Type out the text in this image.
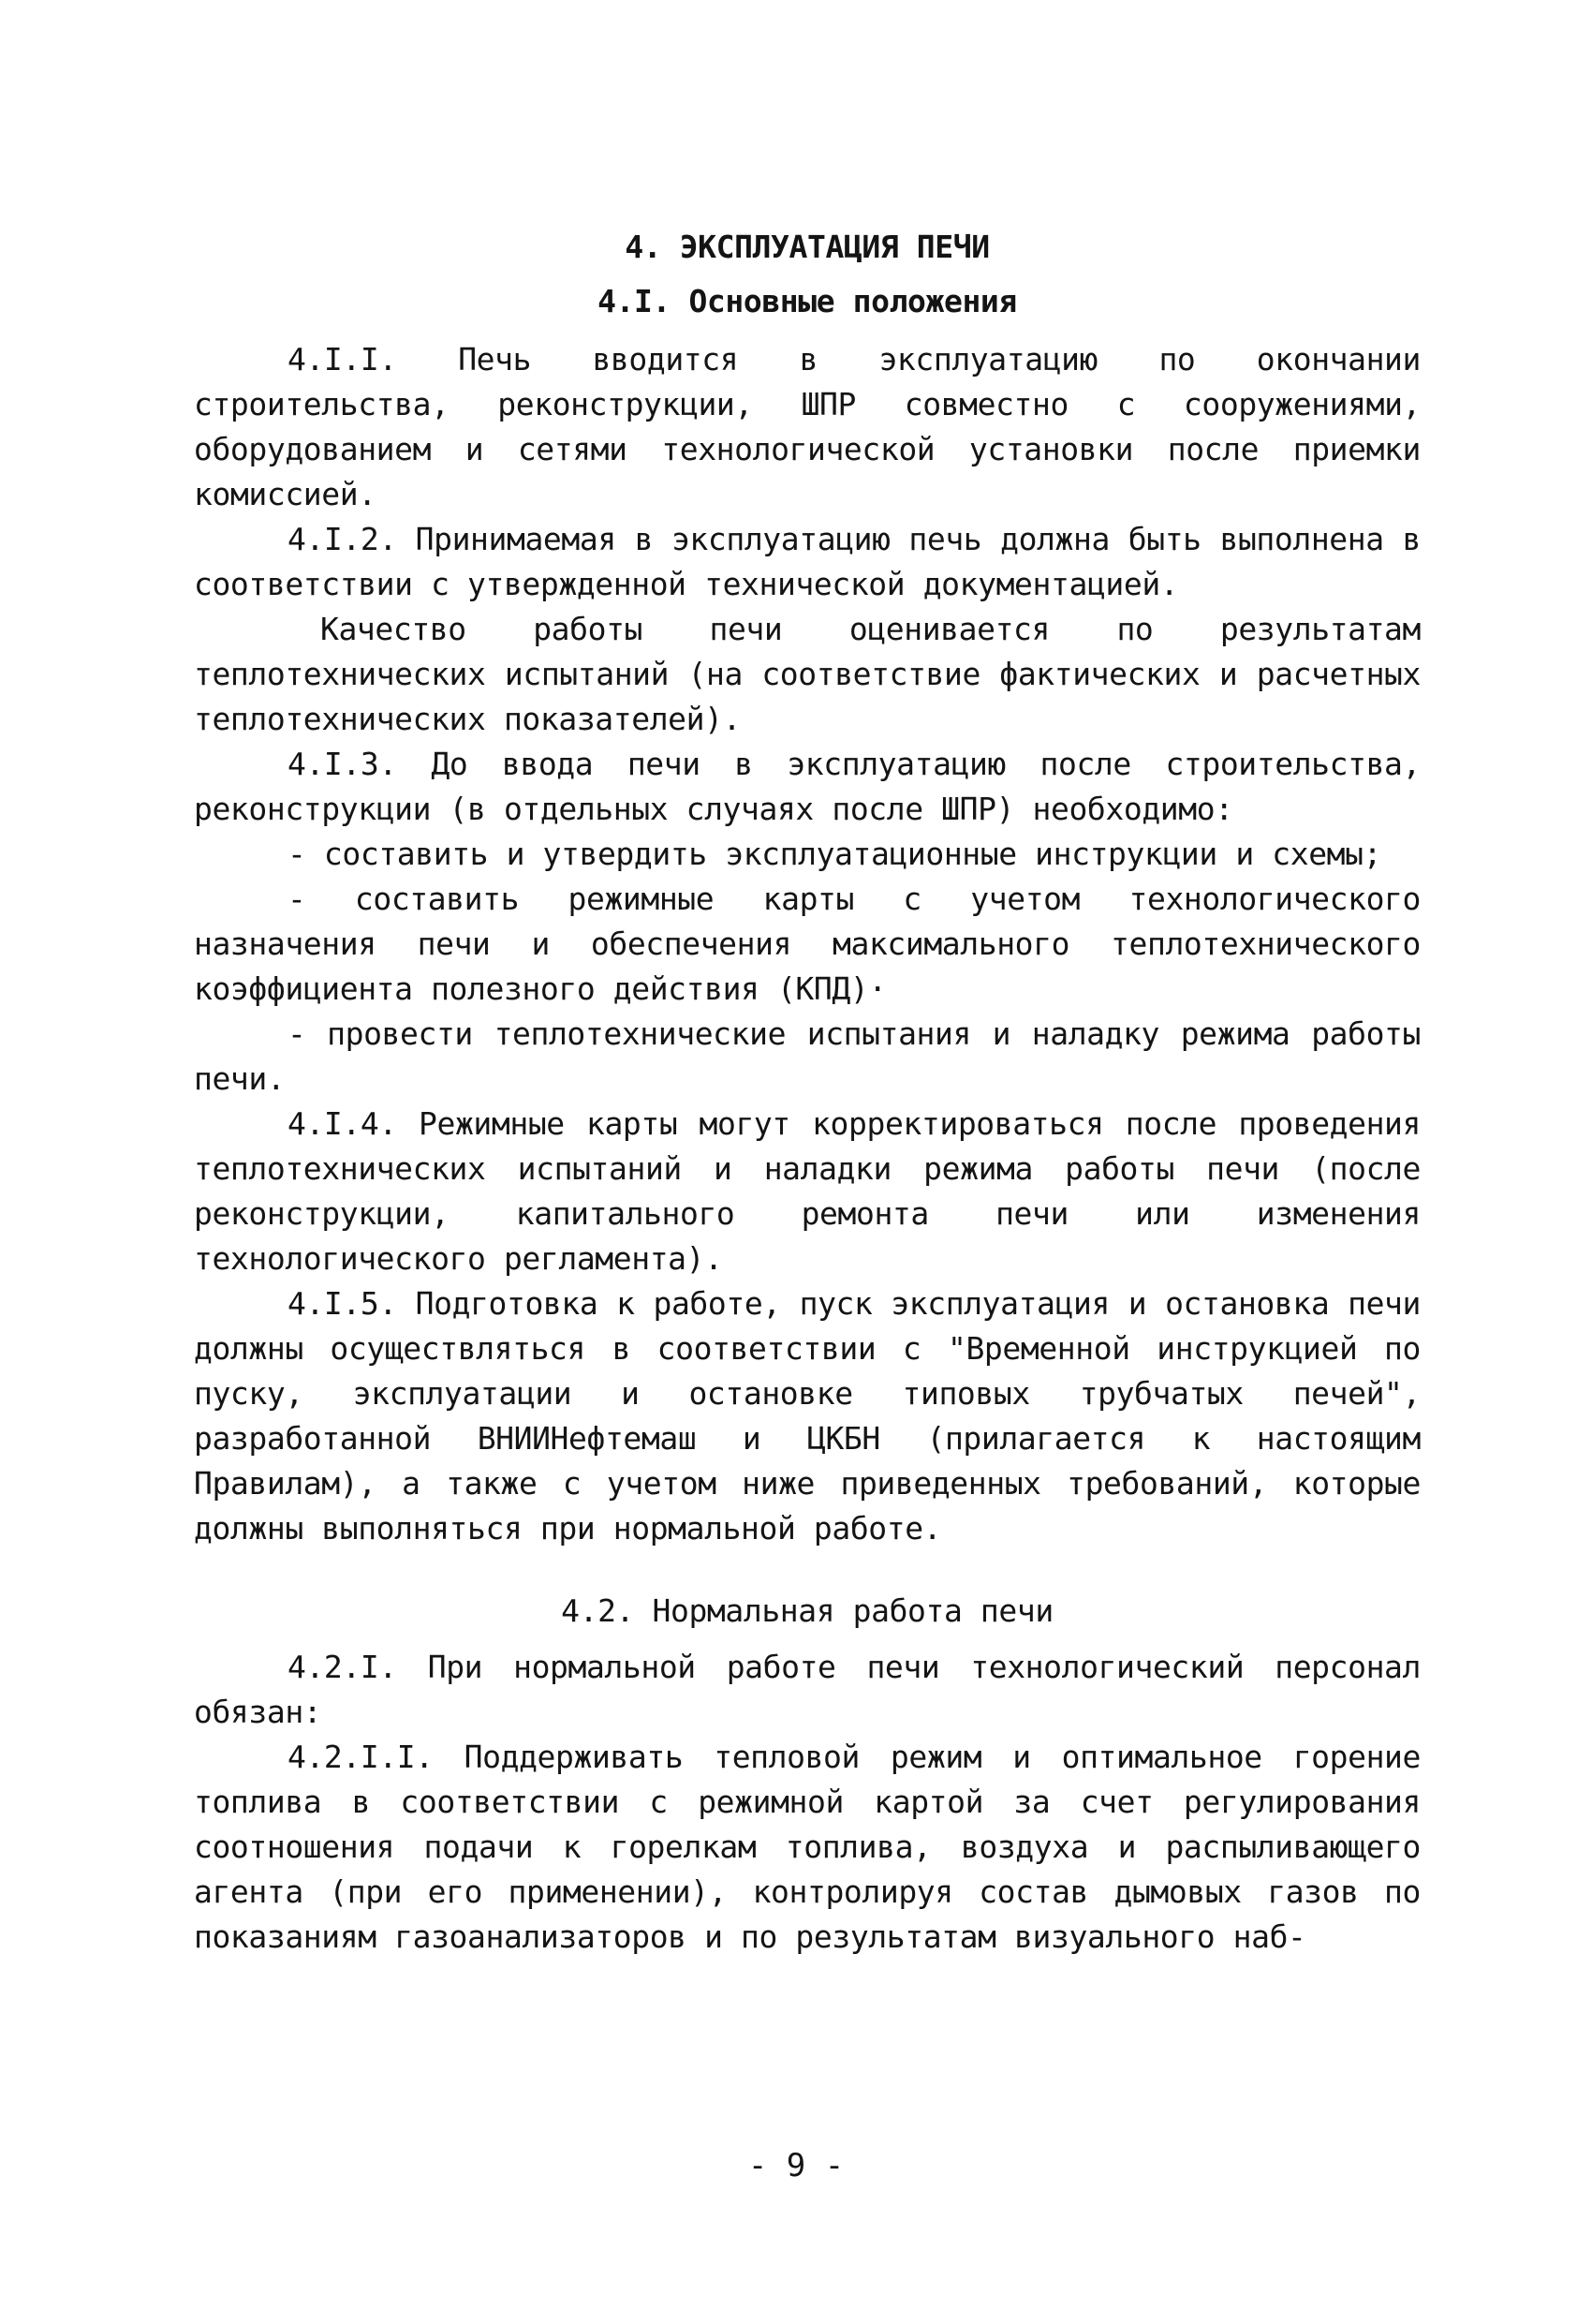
4. ЭКСПЛУАТАЦИЯ ПЕЧИ
4.I. Основные положения

4.I.I. Печь вводится в эксплуатацию по окончании строительства, реконструкции, ШПР совместно с сооружениями, оборудованием и сетями технологической установки после приемки комиссией.

4.I.2. Принимаемая в эксплуатацию печь должна быть выполнена в соответствии с утвержденной технической документацией.

Качество работы печи оценивается по результатам теплотехнических испытаний (на соответствие фактических и расчетных теплотехнических показателей).

4.I.3. До ввода печи в эксплуатацию после строительства, реконструкции (в отдельных случаях после ШПР) необходимо:

- составить и утвердить эксплуатационные инструкции и схемы;

- составить режимные карты с учетом технологического назначения печи и обеспечения максимального теплотехнического коэффициента полезного действия (КПД)·

- провести теплотехнические испытания и наладку режима работы печи.

4.I.4. Режимные карты могут корректироваться после проведения теплотехнических испытаний и наладки режима работы печи (после реконструкции, капитального ремонта печи или изменения технологического регламента).

4.I.5. Подготовка к работе, пуск эксплуатация и остановка печи должны осуществляться в соответствии с "Временной инструкцией по пуску, эксплуатации и остановке типовых трубчатых печей", разработанной ВНИИНефтемаш и ЦКБН (прилагается к настоящим Правилам), а также с учетом ниже приведенных требований, которые должны выполняться при нормальной работе.

4.2. Нормальная работа печи

4.2.I. При нормальной работе печи технологический персонал обязан:

4.2.I.I. Поддерживать тепловой режим и оптимальное горение топлива в соответствии с режимной картой за счет регулирования соотношения подачи к горелкам топлива, воздуха и распыливающего агента (при его применении), контролируя состав дымовых газов по показаниям газоанализаторов и по результатам визуального наб-

- 9 -
